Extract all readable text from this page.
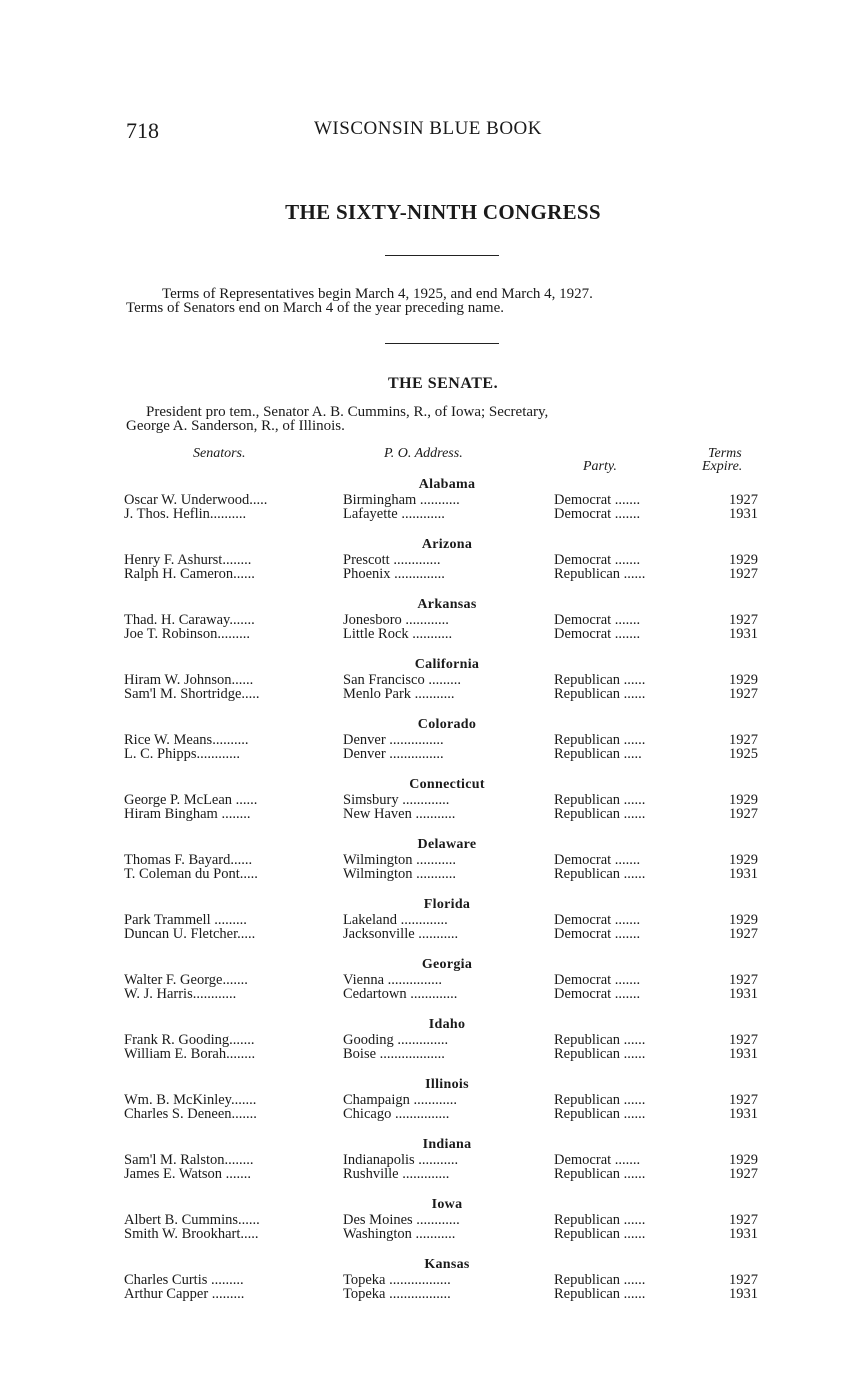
718	WISCONSIN BLUE BOOK
THE SIXTY-NINTH CONGRESS
Terms of Representatives begin March 4, 1925, and end March 4, 1927.
Terms of Senators end on March 4 of the year preceding name.
THE SENATE.
President pro tem., Senator A. B. Cummins, R., of Iowa; Secretary,
George A. Sanderson, R., of Illinois.
Senators.	P. O. Address.
Party.
Terms
Expire.
Alabama
Oscar W. Underwood.....	Birmingham ...........	Democrat .......	1927
J. Thos. Heflin..........	Lafayette ............	Democrat .......	1931
Arizona
Henry F. Ashurst........	Prescott .............	Democrat .......	1929
Ralph H. Cameron......	Phoenix ..............	Republican ......	1927
Arkansas
Thad. H. Caraway.......	Jonesboro ............	Democrat .......	1927
Joe T. Robinson.........	Little Rock ...........	Democrat .......	1931
California
Hiram W. Johnson......	San Francisco .........	Republican ......	1929
Sam'l M. Shortridge.....	Menlo Park ...........	Republican ......	1927
Colorado
Rice W. Means..........	Denver ...............	Republican ......	1927
L. C. Phipps............	Denver ...............	Republican .....	1925
Connecticut
George P. McLean ......	Simsbury .............	Republican ......	1929
Hiram Bingham ........	New Haven ...........	Republican ......	1927
Delaware
Thomas F. Bayard......	Wilmington ...........	Democrat .......	1929
T. Coleman du Pont.....	Wilmington ...........	Republican ......	1931
Florida
Park Trammell .........	Lakeland .............	Democrat .......	1929
Duncan U. Fletcher.....	Jacksonville ...........	Democrat .......	1927
Georgia
Walter F. George.......	Vienna ...............	Democrat .......	1927
W. J. Harris............	Cedartown .............	Democrat .......	1931
Idaho
Frank R. Gooding.......	Gooding ..............	Republican ......	1927
William E. Borah........	Boise ..................	Republican ......	1931
Illinois
Wm. B. McKinley.......	Champaign ............	Republican ......	1927
Charles S. Deneen.......	Chicago ...............	Republican ......	1931
Indiana
Sam'l M. Ralston........	Indianapolis ...........	Democrat .......	1929
James E. Watson .......	Rushville .............	Republican ......	1927
Iowa
Albert B. Cummins......	Des Moines ............	Republican ......	1927
Smith W. Brookhart.....	Washington ...........	Republican ......	1931
Kansas
Charles Curtis .........	Topeka .................	Republican ......	1927
Arthur Capper .........	Topeka .................	Republican ......	1931
